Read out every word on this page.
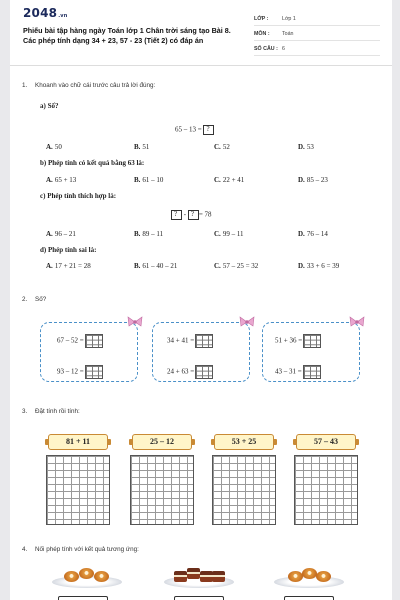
2048.vn
Phiếu bài tập hàng ngày Toán lớp 1 Chân trời sáng tạo Bài 8. Các phép tính dạng 34 + 23, 57 - 23 (Tiết 2) có đáp án
LỚP :	Lớp 1
MÔN : Toán
SỐ CÂU : 6
1. Khoanh vào chữ cái trước câu trả lời đúng:
a) Số?
65 – 13 = ?
A. 50	B. 51	C. 52	D. 53
b) Phép tính có kết quả bằng 63 là:
A. 65 + 13	B. 61 – 10	C. 22 + 41	D. 85 – 23
c) Phép tính thích hợp là:
? - ?= 78
A. 96 – 21	B. 89 – 11	C. 99 – 11	D. 76 – 14
d) Phép tính sai là:
A. 17 + 21 = 28	B. 61 – 40 – 21	C. 57 – 25 = 32	D. 33 + 6 = 39
2. Số?
67 – 52 =
93 – 12 =
34 + 41 =
24 + 63 =
51 + 36 =
43 – 31 =
3. Đặt tính rồi tính:
81 + 11	25 – 12	53 + 25	57 – 43
4. Nối phép tính với kết quả tương ứng:
